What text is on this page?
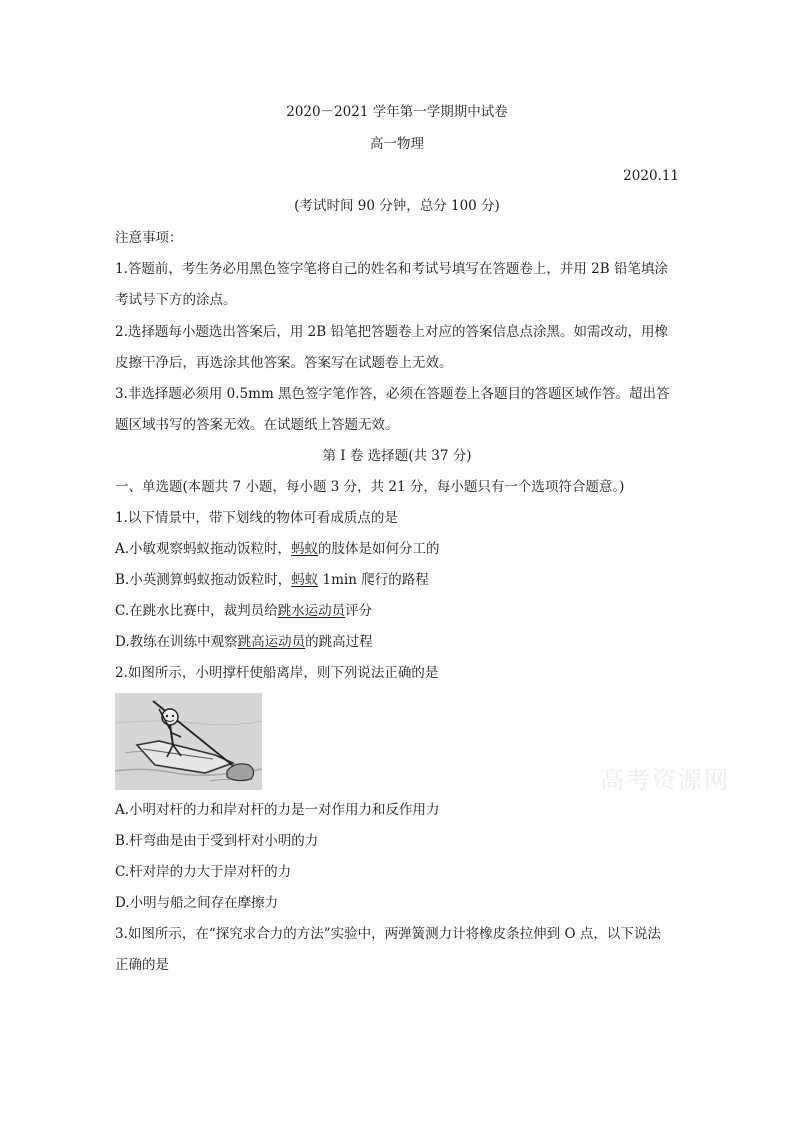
2020－2021 学年第一学期期中试卷
高一物理
2020.11
(考试时间 90 分钟，总分 100 分)
注意事项：
1.答题前，考生务必用黑色签字笔将自己的姓名和考试号填写在答题卷上，并用 2B 铅笔填涂
考试号下方的涂点。
2.选择题每小题选出答案后，用 2B 铅笔把答题卷上对应的答案信息点涂黑。如需改动，用橡
皮擦干净后，再选涂其他答案。答案写在试题卷上无效。
3.非选择题必须用 0.5mm 黑色签字笔作答，必须在答题卷上各题目的答题区域作答。超出答
题区域书写的答案无效。在试题纸上答题无效。
第 I 卷 选择题(共 37 分)
一、单选题(本题共 7 小题，每小题 3 分，共 21 分，每小题只有一个选项符合题意。)
1.以下情景中，带下划线的物体可看成质点的是
A.小敏观察蚂蚁拖动饭粒时，蚂蚁的肢体是如何分工的
B.小英测算蚂蚁拖动饭粒时，蚂蚁 1min 爬行的路程
C.在跳水比赛中，裁判员给跳水运动员评分
D.教练在训练中观察跳高运动员的跳高过程
2.如图所示，小明撑杆使船离岸，则下列说法正确的是
高考资源网
A.小明对杆的力和岸对杆的力是一对作用力和反作用力
B.杆弯曲是由于受到杆对小明的力
C.杆对岸的力大于岸对杆的力
D.小明与船之间存在摩擦力
3.如图所示，在“探究求合力的方法”实验中，两弹簧测力计将橡皮条拉伸到 O 点，以下说法
正确的是
